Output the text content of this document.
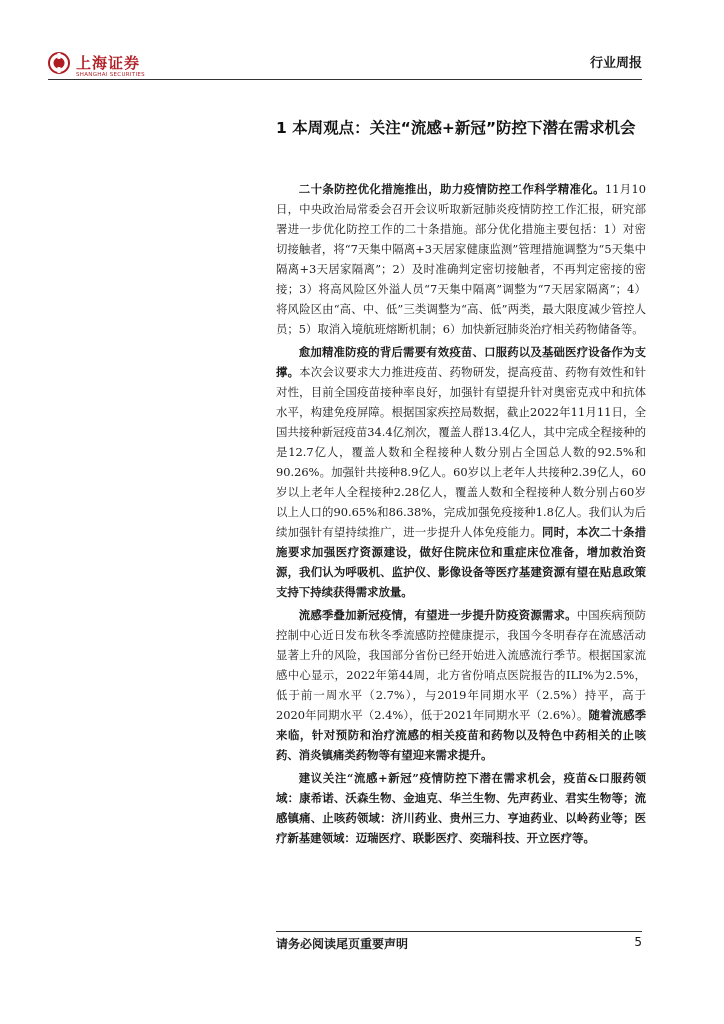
上海证券
SHANGHAI SECURITIES
行业周报
1 本周观点：关注“流感+新冠”防控下潜在需求机会

二十条防控优化措施推出，助力疫情防控工作科学精准化。11月10日，中央政治局常委会召开会议听取新冠肺炎疫情防控工作汇报，研究部署进一步优化防控工作的二十条措施。部分优化措施主要包括：1）对密切接触者，将“7天集中隔离+3天居家健康监测”管理措施调整为“5天集中隔离+3天居家隔离”；2）及时准确判定密切接触者，不再判定密接的密接；3）将高风险区外溢人员“7天集中隔离”调整为“7天居家隔离”；4）将风险区由“高、中、低”三类调整为“高、低”两类，最大限度减少管控人员；5）取消入境航班熔断机制；6）加快新冠肺炎治疗相关药物储备等。

愈加精准防疫的背后需要有效疫苗、口服药以及基础医疗设备作为支撑。本次会议要求大力推进疫苗、药物研发，提高疫苗、药物有效性和针对性，目前全国疫苗接种率良好，加强针有望提升针对奥密克戎中和抗体水平，构建免疫屏障。根据国家疾控局数据，截止2022年11月11日，全国共接种新冠疫苗34.4亿剂次，覆盖人群13.4亿人，其中完成全程接种的是12.7亿人，覆盖人数和全程接种人数分别占全国总人数的92.5%和90.26%。加强针共接种8.9亿人。60岁以上老年人共接种2.39亿人，60岁以上老年人全程接种2.28亿人，覆盖人数和全程接种人数分别占60岁以上人口的90.65%和86.38%，完成加强免疫接种1.8亿人。我们认为后续加强针有望持续推广，进一步提升人体免疫能力。同时，本次二十条措施要求加强医疗资源建设，做好住院床位和重症床位准备，增加救治资源，我们认为呼吸机、监护仪、影像设备等医疗基建资源有望在贴息政策支持下持续获得需求放量。

流感季叠加新冠疫情，有望进一步提升防疫资源需求。中国疾病预防控制中心近日发布秋冬季流感防控健康提示，我国今冬明春存在流感活动显著上升的风险，我国部分省份已经开始进入流感流行季节。根据国家流感中心显示，2022年第44周，北方省份哨点医院报告的ILI%为2.5%，低于前一周水平（2.7%），与2019年同期水平（2.5%）持平，高于2020年同期水平（2.4%），低于2021年同期水平（2.6%）。随着流感季来临，针对预防和治疗流感的相关疫苗和药物以及特色中药相关的止咳药、消炎镇痛类药物等有望迎来需求提升。

建议关注“流感+新冠”疫情防控下潜在需求机会，疫苗&口服药领域：康希诺、沃森生物、金迪克、华兰生物、先声药业、君实生物等；流感镇痛、止咳药领域：济川药业、贵州三力、亨迪药业、以岭药业等；医疗新基建领域：迈瑞医疗、联影医疗、奕瑞科技、开立医疗等。

请务必阅读尾页重要声明	5
